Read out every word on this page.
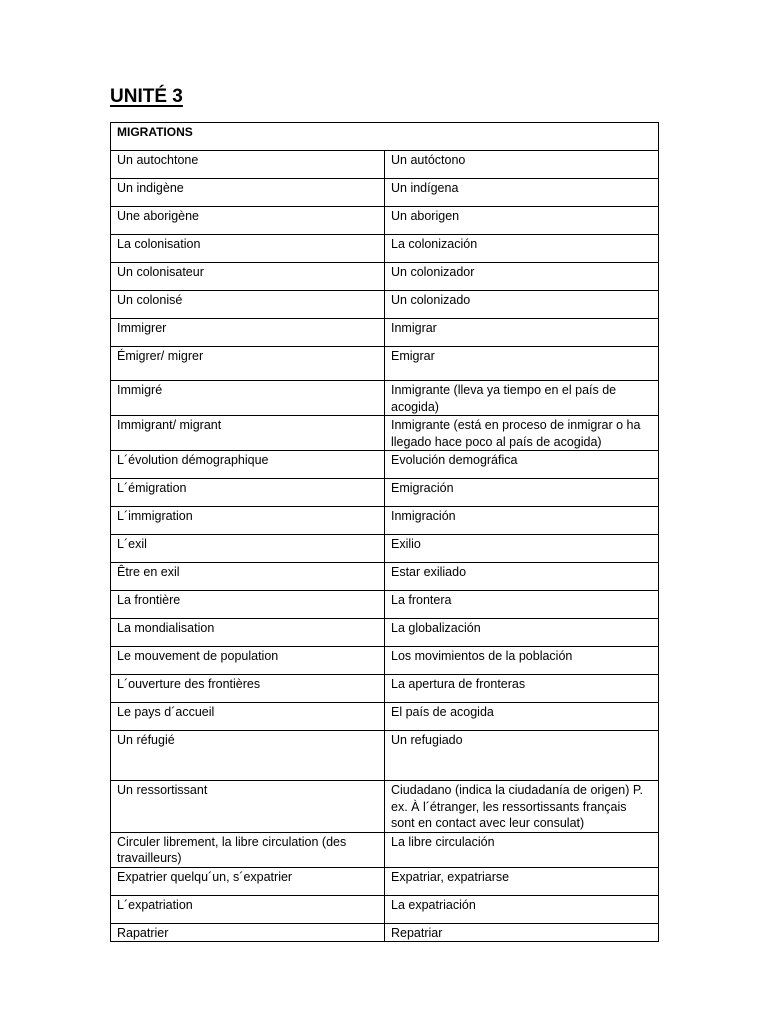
UNITÉ 3
MIGRATIONS	
Un autochtone	Un autóctono
Un indigène	Un indígena
Une aborigène	Un aborigen
La colonisation	La colonización
Un colonisateur	Un colonizador
Un colonisé	Un colonizado
Immigrer	Inmigrar
Émigrer/ migrer	Emigrar
Immigré	Inmigrante (lleva ya tiempo en el país de acogida)
Immigrant/ migrant	Inmigrante (está en proceso de inmigrar o ha llegado hace poco al país de acogida)
L´évolution démographique	Evolución demográfica
L´émigration	Emigración
L´immigration	Inmigración
L´exil	Exilio
Être en exil	Estar exiliado
La frontière	La frontera
La mondialisation	La globalización
Le mouvement de population	Los movimientos de la población
L´ouverture des frontières	La apertura de fronteras
Le pays d´accueil	El país de acogida
Un réfugié	Un refugiado
Un ressortissant	Ciudadano (indica la ciudadanía de origen) P. ex. À l´étranger, les ressortissants français sont en contact avec leur consulat)
Circuler librement, la libre circulation (des travailleurs)	La libre circulación
Expatrier quelqu´un, s´expatrier	Expatriar, expatriarse
L´expatriation	La expatriación
Rapatrier	Repatriar
